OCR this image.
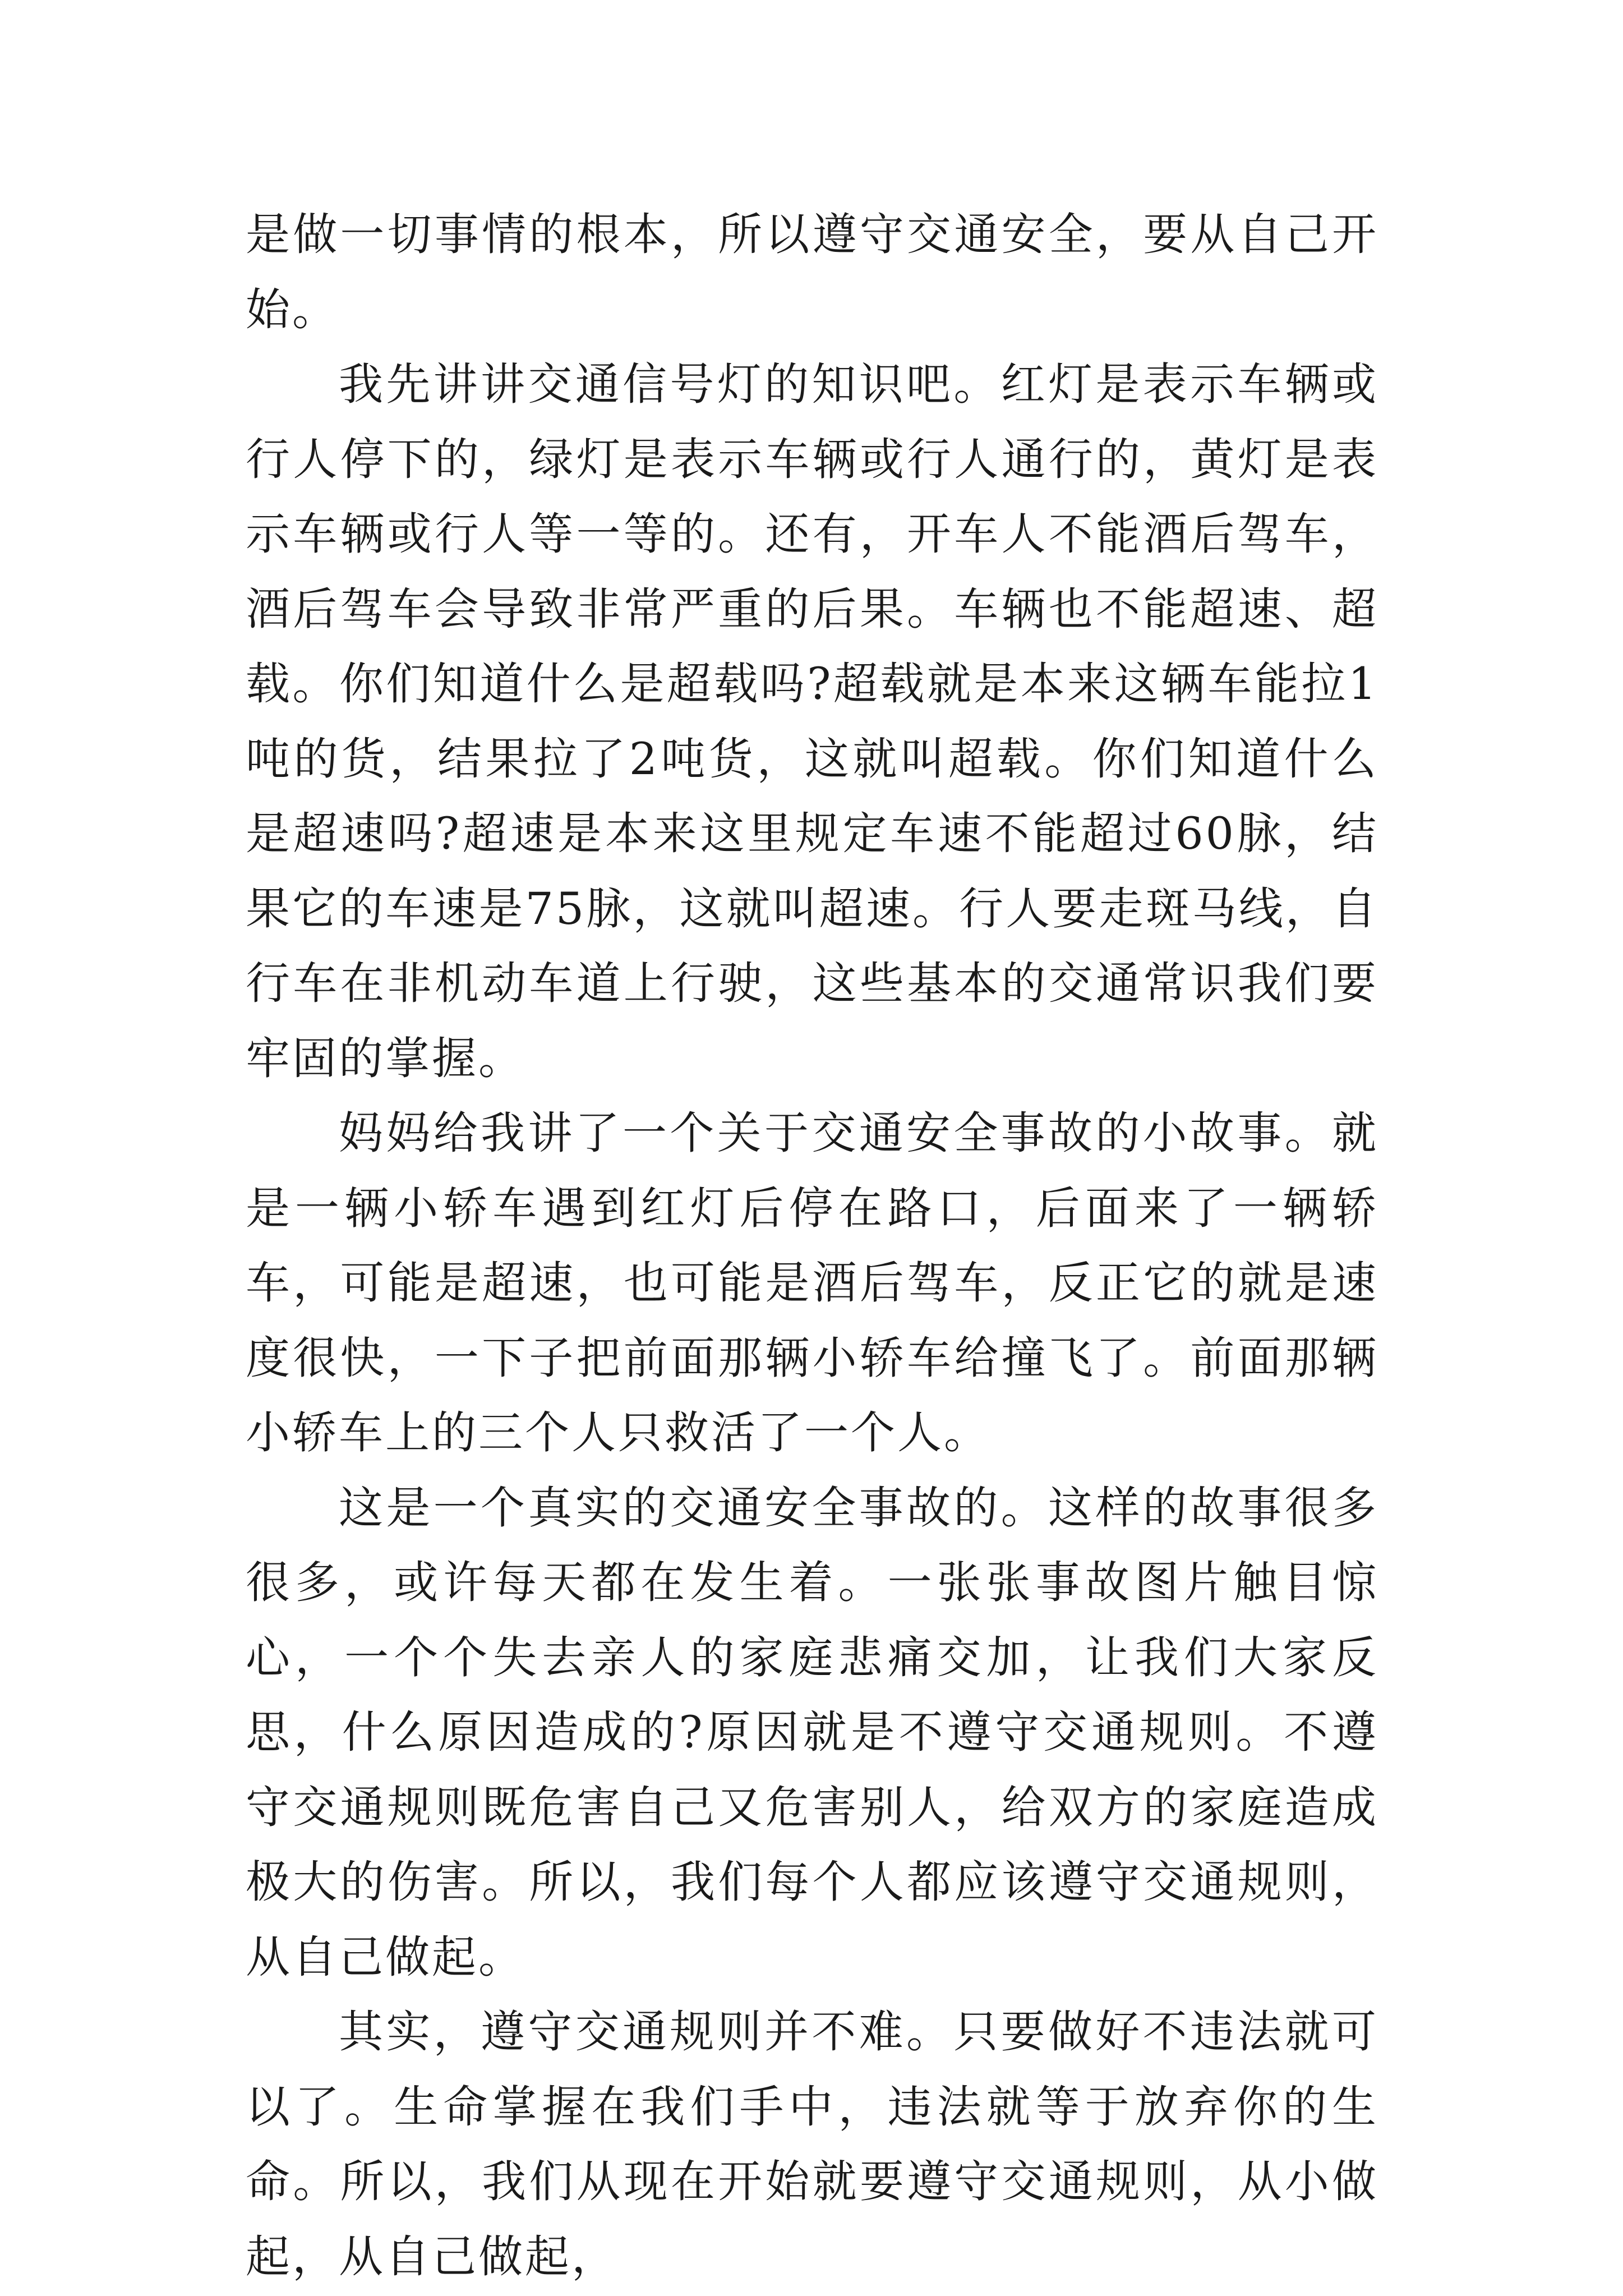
是做一切事情的根本，所以遵守交通安全，要从自己开始。

我先讲讲交通信号灯的知识吧。红灯是表示车辆或行人停下的，绿灯是表示车辆或行人通行的，黄灯是表示车辆或行人等一等的。还有，开车人不能酒后驾车，酒后驾车会导致非常严重的后果。车辆也不能超速、超载。你们知道什么是超载吗?超载就是本来这辆车能拉1吨的货，结果拉了2吨货，这就叫超载。你们知道什么是超速吗?超速是本来这里规定车速不能超过60脉，结果它的车速是75脉，这就叫超速。行人要走斑马线，自行车在非机动车道上行驶，这些基本的交通常识我们要牢固的掌握。

妈妈给我讲了一个关于交通安全事故的小故事。就是一辆小轿车遇到红灯后停在路口，后面来了一辆轿车，可能是超速，也可能是酒后驾车，反正它的就是速度很快，一下子把前面那辆小轿车给撞飞了。前面那辆小轿车上的三个人只救活了一个人。

这是一个真实的交通安全事故的。这样的故事很多很多，或许每天都在发生着。一张张事故图片触目惊心，一个个失去亲人的家庭悲痛交加，让我们大家反思，什么原因造成的?原因就是不遵守交通规则。不遵守交通规则既危害自己又危害别人，给双方的家庭造成极大的伤害。所以，我们每个人都应该遵守交通规则，从自己做起。

其实，遵守交通规则并不难。只要做好不违法就可以了。生命掌握在我们手中，违法就等于放弃你的生命。所以，我们从现在开始就要遵守交通规则，从小做起，从自己做起，
